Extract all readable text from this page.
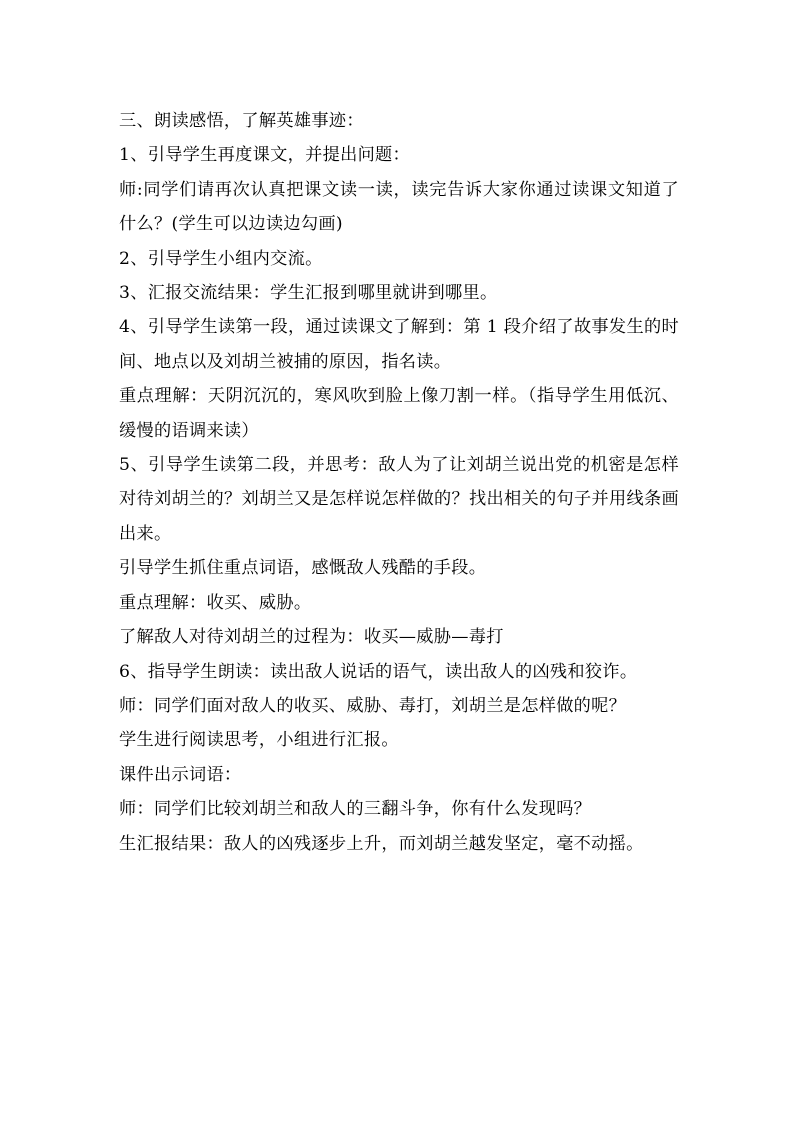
三、朗读感悟，了解英雄事迹：

1、引导学生再度课文，并提出问题：

师:同学们请再次认真把课文读一读，读完告诉大家你通过读课文知道了什么？(学生可以边读边勾画)

2、引导学生小组内交流。

3、汇报交流结果：学生汇报到哪里就讲到哪里。

4、引导学生读第一段，通过读课文了解到：第 1 段介绍了故事发生的时间、地点以及刘胡兰被捕的原因，指名读。

重点理解：天阴沉沉的，寒风吹到脸上像刀割一样。（指导学生用低沉、缓慢的语调来读）

5、引导学生读第二段，并思考：敌人为了让刘胡兰说出党的机密是怎样对待刘胡兰的？刘胡兰又是怎样说怎样做的？找出相关的句子并用线条画出来。

引导学生抓住重点词语，感慨敌人残酷的手段。

重点理解：收买、威胁。

了解敌人对待刘胡兰的过程为：收买—威胁—毒打

6、指导学生朗读：读出敌人说话的语气，读出敌人的凶残和狡诈。

师：同学们面对敌人的收买、威胁、毒打，刘胡兰是怎样做的呢？

学生进行阅读思考，小组进行汇报。

课件出示词语：

师：同学们比较刘胡兰和敌人的三翻斗争，你有什么发现吗？

生汇报结果：敌人的凶残逐步上升，而刘胡兰越发坚定，毫不动摇。
